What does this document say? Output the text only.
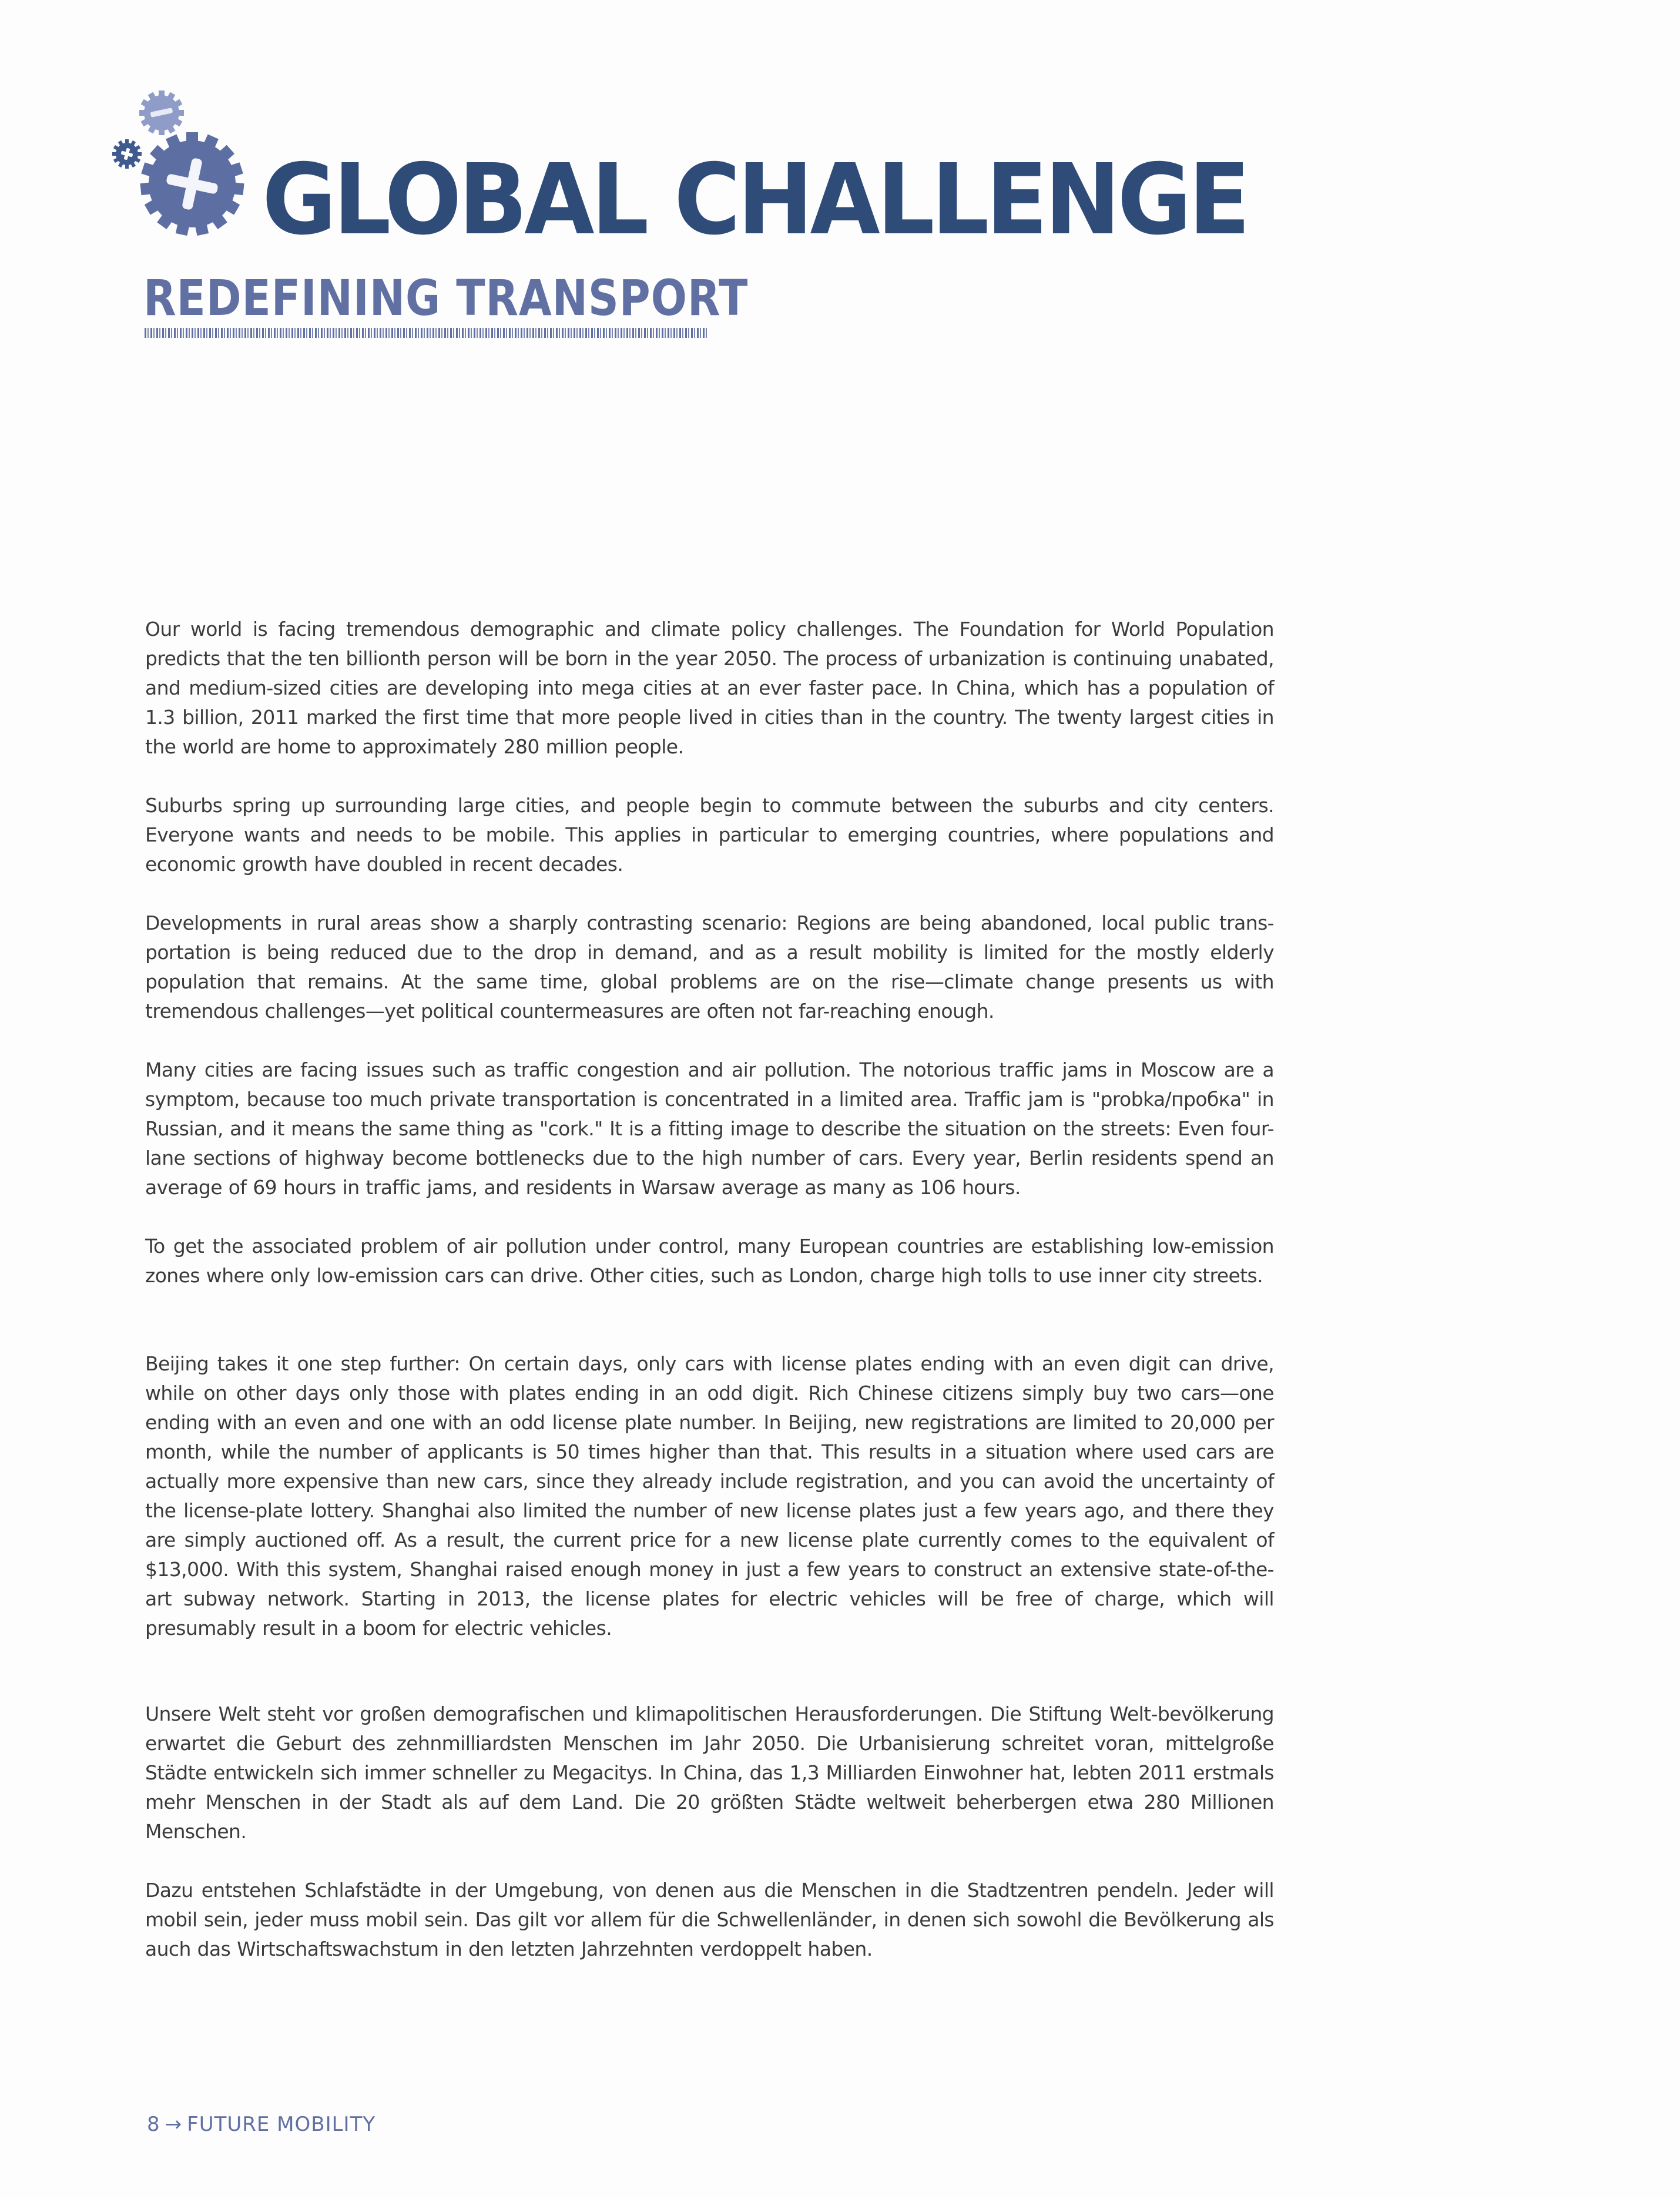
GLOBAL CHALLENGE
REDEFINING TRANSPORT

Our world is facing tremendous demographic and climate policy challenges. The Foundation for World Population predicts that the ten billionth person will be born in the year 2050. The process of urbanization is continuing unabated, and medium-sized cities are developing into mega cities at an ever faster pace. In China, which has a population of 1.3 billion, 2011 marked the first time that more people lived in cities than in the country. The twenty largest cities in the world are home to approximately 280 million people.

Suburbs spring up surrounding large cities, and people begin to commute between the suburbs and city centers. Everyone wants and needs to be mobile. This applies in particular to emerging countries, where populations and economic growth have doubled in recent decades.

Developments in rural areas show a sharply contrasting scenario: Regions are being abandoned, local public trans-portation is being reduced due to the drop in demand, and as a result mobility is limited for the mostly elderly population that remains. At the same time, global problems are on the rise—climate change presents us with tremendous challenges—yet political countermeasures are often not far-reaching enough.

Many cities are facing issues such as traffic congestion and air pollution. The notorious traffic jams in Moscow are a symptom, because too much private transportation is concentrated in a limited area. Traffic jam is "probka/пробка" in Russian, and it means the same thing as "cork." It is a fitting image to describe the situation on the streets: Even four-lane sections of highway become bottlenecks due to the high number of cars. Every year, Berlin residents spend an average of 69 hours in traffic jams, and residents in Warsaw average as many as 106 hours.

To get the associated problem of air pollution under control, many European countries are establishing low-emission zones where only low-emission cars can drive. Other cities, such as London, charge high tolls to use inner city streets.

Beijing takes it one step further: On certain days, only cars with license plates ending with an even digit can drive, while on other days only those with plates ending in an odd digit. Rich Chinese citizens simply buy two cars—one ending with an even and one with an odd license plate number. In Beijing, new registrations are limited to 20,000 per month, while the number of applicants is 50 times higher than that. This results in a situation where used cars are actually more expensive than new cars, since they already include registration, and you can avoid the uncertainty of the license-plate lottery. Shanghai also limited the number of new license plates just a few years ago, and there they are simply auctioned off. As a result, the current price for a new license plate currently comes to the equivalent of $13,000. With this system, Shanghai raised enough money in just a few years to construct an extensive state-of-the-art subway network. Starting in 2013, the license plates for electric vehicles will be free of charge, which will presumably result in a boom for electric vehicles.

Unsere Welt steht vor großen demografischen und klimapolitischen Herausforderungen. Die Stiftung Welt-bevölkerung erwartet die Geburt des zehnmilliardsten Menschen im Jahr 2050. Die Urbanisierung schreitet voran, mittelgroße Städte entwickeln sich immer schneller zu Megacitys. In China, das 1,3 Milliarden Einwohner hat, lebten 2011 erstmals mehr Menschen in der Stadt als auf dem Land. Die 20 größten Städte weltweit beherbergen etwa 280 Millionen Menschen.

Dazu entstehen Schlafstädte in der Umgebung, von denen aus die Menschen in die Stadtzentren pendeln. Jeder will mobil sein, jeder muss mobil sein. Das gilt vor allem für die Schwellenländer, in denen sich sowohl die Bevölkerung als auch das Wirtschaftswachstum in den letzten Jahrzehnten verdoppelt haben.

8 → FUTURE MOBILITY
